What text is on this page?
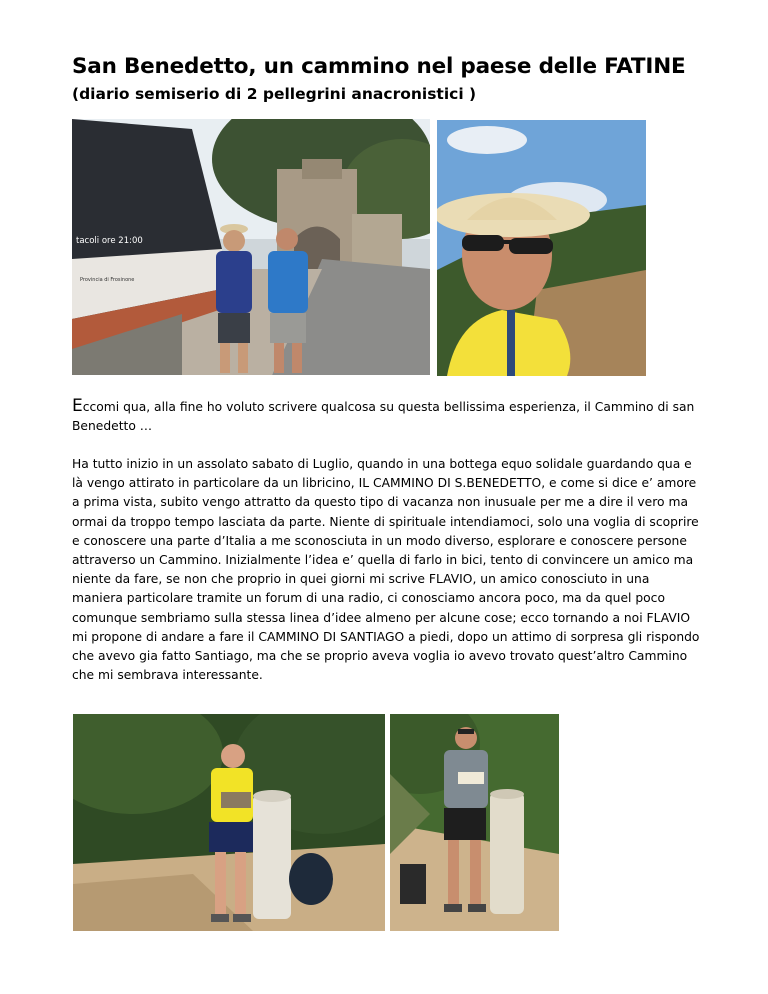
San Benedetto, un cammino nel paese delle FATINE
(diario semiserio di 2 pellegrini anacronistici )
tacoli ore 21:00
Provincia di Frosinone

Eccomi qua, alla fine ho voluto scrivere qualcosa su questa bellissima esperienza, il Cammino di san Benedetto …

Ha tutto inizio in un assolato sabato di Luglio, quando in una bottega equo solidale guardando qua e là vengo attirato in particolare da un libricino, IL CAMMINO DI S.BENEDETTO, e come si dice e’ amore a prima vista, subito vengo attratto da questo tipo di vacanza non inusuale per me a dire il vero ma ormai da troppo tempo lasciata da parte. Niente di spirituale intendiamoci, solo una voglia di scoprire e conoscere una parte d’Italia a me sconosciuta in un modo diverso, esplorare e conoscere persone attraverso un Cammino. Inizialmente l’idea e’ quella di farlo in bici, tento di convincere un amico ma niente da fare, se non che proprio in quei giorni mi scrive FLAVIO, un amico conosciuto in una maniera particolare tramite un forum di una radio, ci conosciamo ancora poco, ma da quel poco comunque sembriamo sulla stessa linea d’idee almeno per alcune cose; ecco tornando a noi FLAVIO mi propone di andare a fare il CAMMINO DI SANTIAGO a piedi, dopo un attimo di sorpresa gli rispondo che avevo gia fatto Santiago, ma che se proprio aveva voglia io avevo trovato quest’altro Cammino che mi sembrava interessante.
